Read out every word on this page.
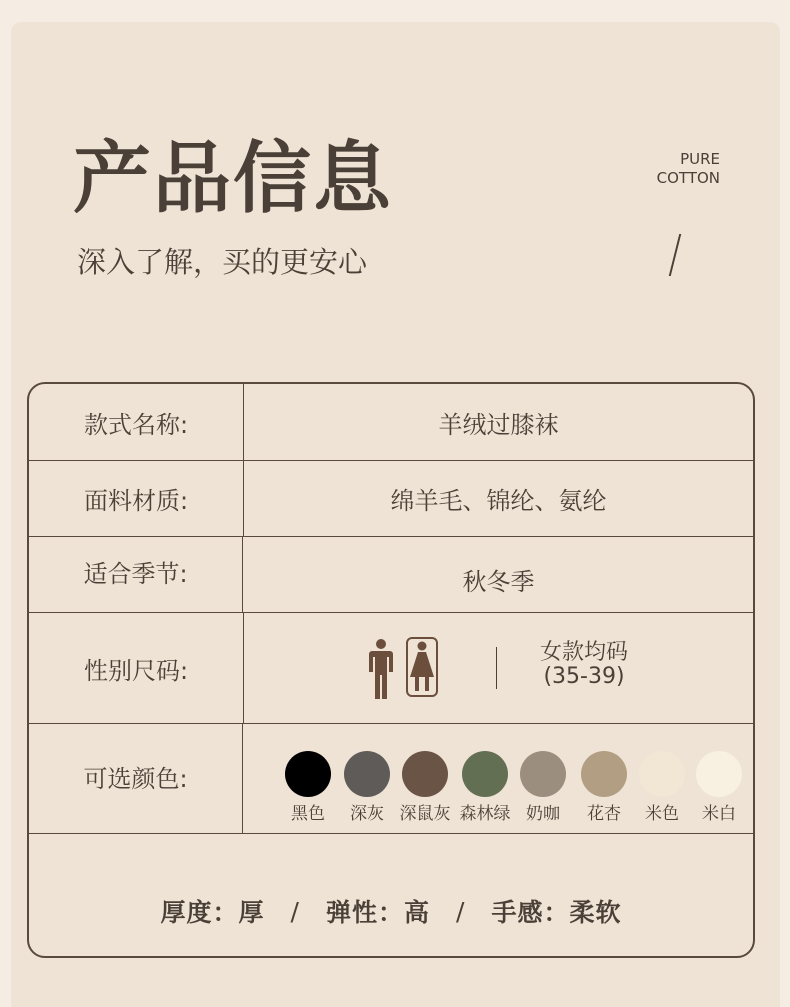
产品信息
深入了解，买的更安心
PURE
COTTON
款式名称:	羊绒过膝袜
面料材质:	绵羊毛、锦纶、氨纶
适合季节:	秋冬季
性别尺码:
女款均码
(35-39)
可选颜色:
黑色	深灰 深鼠灰 森林绿 奶咖	花杏	米色	米白
厚度：厚 / 弹性：高 / 手感：柔软
